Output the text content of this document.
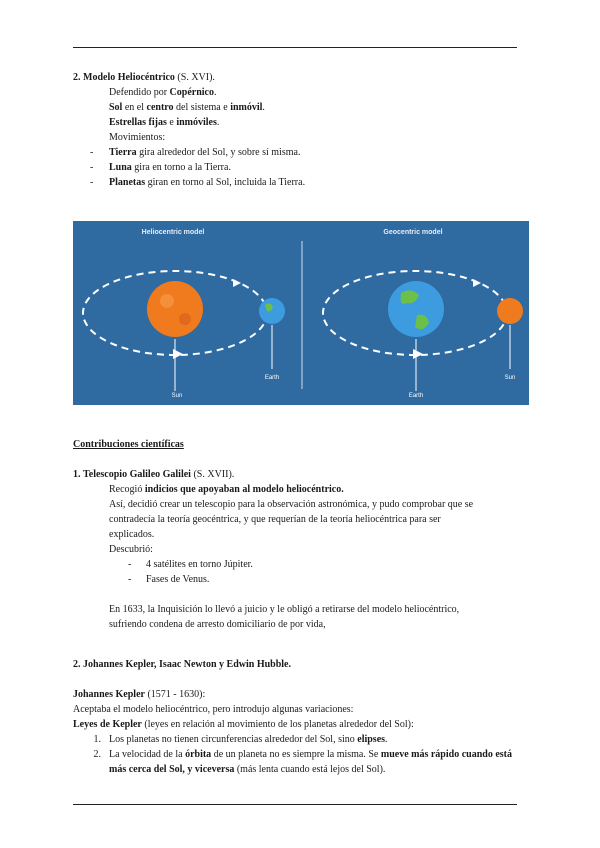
2. Modelo Heliocéntrico (S. XVI).
Defendido por Copérnico.
Sol en el centro del sistema e inmóvil.
Estrellas fijas e inmóviles.
Movimientos:
-	Tierra gira alrededor del Sol, y sobre sí misma.
-	Luna gira en torno a la Tierra.
-	Planetas giran en torno al Sol, incluida la Tierra.
Heliocentric model	Geocentric model
Sun
Earth
Earth
Sun
Contribuciones científicas
1. Telescopio Galileo Galilei (S. XVII).
Recogió indicios que apoyaban al modelo heliocéntrico.
Así, decidió crear un telescopio para la observación astronómica, y pudo comprobar que se
contradecía la teoría geocéntrica, y que requerían de la teoría heliocéntrica para ser
explicados.
Descubrió:
-	4 satélites en torno Júpiter.
-	Fases de Venus.
En 1633, la Inquisición lo llevó a juicio y le obligó a retirarse del modelo heliocéntrico,
sufriendo condena de arresto domiciliario de por vida,
2. Johannes Kepler, Isaac Newton y Edwin Hubble.
Johannes Kepler (1571 - 1630):
Aceptaba el modelo heliocéntrico, pero introdujo algunas variaciones:
Leyes de Kepler (leyes en relación al movimiento de los planetas alrededor del Sol):
1. Los planetas no tienen circunferencias alrededor del Sol, sino elipses.
2. La velocidad de la órbita de un planeta no es siempre la misma. Se mueve más rápido cuando está más cerca del Sol, y viceversa (más lenta cuando está lejos del Sol).
